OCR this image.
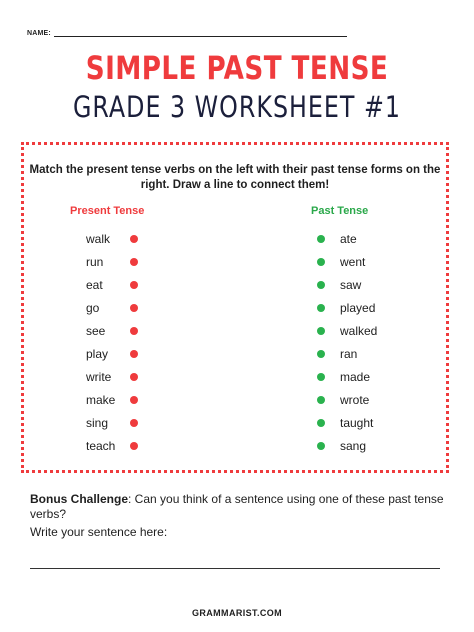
NAME:
SIMPLE PAST TENSE
GRADE 3 WORKSHEET #1
Match the present tense verbs on the left with their past tense forms on the right. Draw a line to connect them!
Present Tense	Past Tense
walk
run
eat
go
see
play
write
make
sing
teach
ate
went
saw
played
walked
ran
made
wrote
taught
sang
Bonus Challenge: Can you think of a sentence using one of these past tense verbs?
Write your sentence here:
GRAMMARIST.COM
